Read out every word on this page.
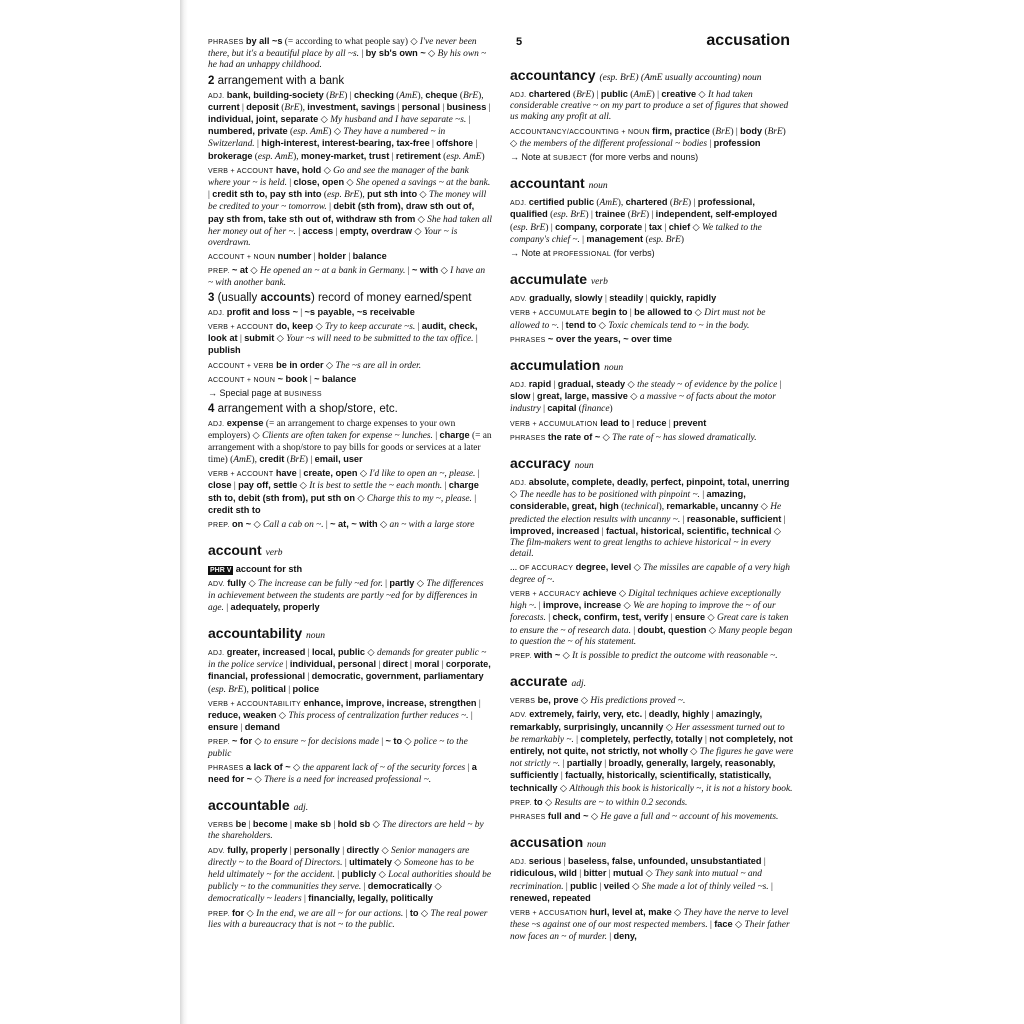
5	accusation

PHRASES by all ~s (= according to what people say) ◇ I've never been there, but it's a beautiful place by all ~s. | by sb's own ~ ◇ By his own ~ he had an unhappy childhood.

2 arrangement with a bank

ADJ. bank, building-society (BrE) | checking (AmE), cheque (BrE), current | deposit (BrE), investment, savings | personal | business | individual, joint, separate ◇ My husband and I have separate ~s. | numbered, private (esp. AmE) ◇ They have a numbered ~ in Switzerland. | high-interest, interest-bearing, tax-free | offshore | brokerage (esp. AmE), money-market, trust | retirement (esp. AmE)

VERB + ACCOUNT have, hold ◇ Go and see the manager of the bank where your ~ is held. | close, open ◇ She opened a savings ~ at the bank. | credit sth to, pay sth into (esp. BrE), put sth into ◇ The money will be credited to your ~ tomorrow. | debit (sth from), draw sth out of, pay sth from, take sth out of, withdraw sth from ◇ She had taken all her money out of her ~. | access | empty, overdraw ◇ Your ~ is overdrawn.

ACCOUNT + NOUN number | holder | balance

PREP. ~ at ◇ He opened an ~ at a bank in Germany. | ~ with ◇ I have an ~ with another bank.

3 (usually accounts) record of money earned/spent

ADJ. profit and loss ~ | ~s payable, ~s receivable

VERB + ACCOUNT do, keep ◇ Try to keep accurate ~s. | audit, check, look at | submit ◇ Your ~s will need to be submitted to the tax office. | publish

ACCOUNT + VERB be in order ◇ The ~s are all in order.

ACCOUNT + NOUN ~ book | ~ balance

→ Special page at BUSINESS

4 arrangement with a shop/store, etc.

ADJ. expense (= an arrangement to charge expenses to your own employers) ◇ Clients are often taken for expense ~ lunches. | charge (= an arrangement with a shop/store to pay bills for goods or services at a later time) (AmE), credit (BrE) | email, user

VERB + ACCOUNT have | create, open ◇ I'd like to open an ~, please. | close | pay off, settle ◇ It is best to settle the ~ each month. | charge sth to, debit (sth from), put sth on ◇ Charge this to my ~, please. | credit sth to

PREP. on ~ ◇ Call a cab on ~. | ~ at, ~ with ◇ an ~ with a large store

account verb

PHR V account for sth

ADV. fully ◇ The increase can be fully ~ed for. | partly ◇ The differences in achievement between the students are partly ~ed for by differences in age. | adequately, properly

accountability noun

ADJ. greater, increased | local, public ◇ demands for greater public ~ in the police service | individual, personal | direct | moral | corporate, financial, professional | democratic, government, parliamentary (esp. BrE), political | police

VERB + ACCOUNTABILITY enhance, improve, increase, strengthen | reduce, weaken ◇ This process of centralization further reduces ~. | ensure | demand

PREP. ~ for ◇ to ensure ~ for decisions made | ~ to ◇ police ~ to the public

PHRASES a lack of ~ ◇ the apparent lack of ~ of the security forces | a need for ~ ◇ There is a need for increased professional ~.

accountable adj.

VERBS be | become | make sb | hold sb ◇ The directors are held ~ by the shareholders.

ADV. fully, properly | personally | directly ◇ Senior managers are directly ~ to the Board of Directors. | ultimately ◇ Someone has to be held ultimately ~ for the accident. | publicly ◇ Local authorities should be publicly ~ to the communities they serve. | democratically ◇ democratically ~ leaders | financially, legally, politically

PREP. for ◇ In the end, we are all ~ for our actions. | to ◇ The real power lies with a bureaucracy that is not ~ to the public.

accountancy (esp. BrE) (AmE usually accounting) noun

ADJ. chartered (BrE) | public (AmE) | creative ◇ It had taken considerable creative ~ on my part to produce a set of figures that showed us making any profit at all.

ACCOUNTANCY/ACCOUNTING + NOUN firm, practice (BrE) | body (BrE) ◇ the members of the different professional ~ bodies | profession

→ Note at SUBJECT (for more verbs and nouns)

accountant noun

ADJ. certified public (AmE), chartered (BrE) | professional, qualified (esp. BrE) | trainee (BrE) | independent, self-employed (esp. BrE) | company, corporate | tax | chief ◇ We talked to the company's chief ~. | management (esp. BrE)

→ Note at PROFESSIONAL (for verbs)

accumulate verb

ADV. gradually, slowly | steadily | quickly, rapidly

VERB + ACCUMULATE begin to | be allowed to ◇ Dirt must not be allowed to ~. | tend to ◇ Toxic chemicals tend to ~ in the body.

PHRASES ~ over the years, ~ over time

accumulation noun

ADJ. rapid | gradual, steady ◇ the steady ~ of evidence by the police | slow | great, large, massive ◇ a massive ~ of facts about the motor industry | capital (finance)

VERB + ACCUMULATION lead to | reduce | prevent

PHRASES the rate of ~ ◇ The rate of ~ has slowed dramatically.

accuracy noun

ADJ. absolute, complete, deadly, perfect, pinpoint, total, unerring ◇ The needle has to be positioned with pinpoint ~. | amazing, considerable, great, high (technical), remarkable, uncanny ◇ He predicted the election results with uncanny ~. | reasonable, sufficient | improved, increased | factual, historical, scientific, technical ◇ The film-makers went to great lengths to achieve historical ~ in every detail.

... OF ACCURACY degree, level ◇ The missiles are capable of a very high degree of ~.

VERB + ACCURACY achieve ◇ Digital techniques achieve exceptionally high ~. | improve, increase ◇ We are hoping to improve the ~ of our forecasts. | check, confirm, test, verify | ensure ◇ Great care is taken to ensure the ~ of research data. | doubt, question ◇ Many people began to question the ~ of his statement.

PREP. with ~ ◇ It is possible to predict the outcome with reasonable ~.

accurate adj.

VERBS be, prove ◇ His predictions proved ~.

ADV. extremely, fairly, very, etc. | deadly, highly | amazingly, remarkably, surprisingly, uncannily ◇ Her assessment turned out to be remarkably ~. | completely, perfectly, totally | not completely, not entirely, not quite, not strictly, not wholly ◇ The figures he gave were not strictly ~. | partially | broadly, generally, largely, reasonably, sufficiently | factually, historically, scientifically, statistically, technically ◇ Although this book is historically ~, it is not a history book.

PREP. to ◇ Results are ~ to within 0.2 seconds.

PHRASES full and ~ ◇ He gave a full and ~ account of his movements.

accusation noun

ADJ. serious | baseless, false, unfounded, unsubstantiated | ridiculous, wild | bitter | mutual ◇ They sank into mutual ~ and recrimination. | public | veiled ◇ She made a lot of thinly veiled ~s. | renewed, repeated

VERB + ACCUSATION hurl, level at, make ◇ They have the nerve to level these ~s against one of our most respected members. | face ◇ Their father now faces an ~ of murder. | deny,
